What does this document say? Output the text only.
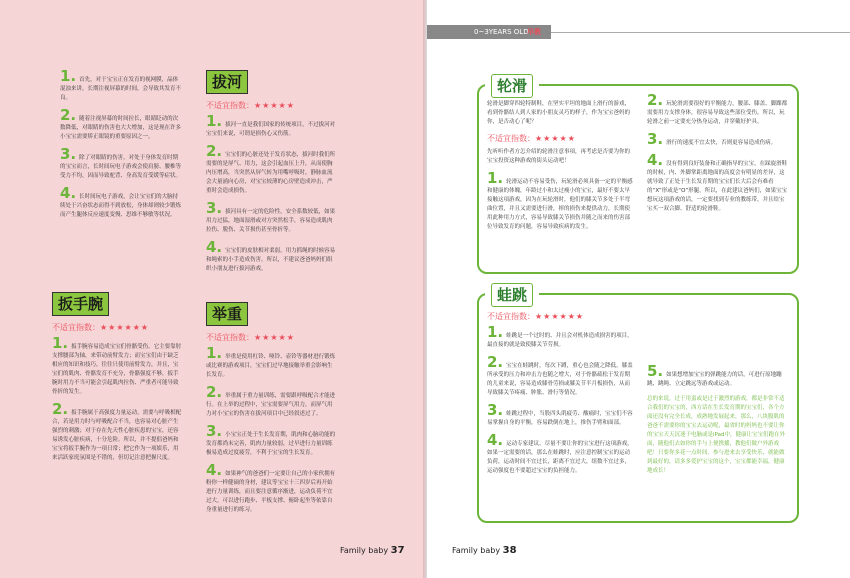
1. 首先，对于宝宝正在发育的视网膜，晶体混浊来讲，长期注视屏幕的时间，会导致其发育不良。
2. 随着注视屏幕的时间拉长，眼睛眨动的次数降低，对眼睛的伤害也大大增加，这是现在许多小宝宝需要矫正眼镜的重要原因之一。
3. 除了对眼睛的伤害，对处于身体发育时期的宝宝而言，长时间玩电子游戏会使肩膀、腰椎等受力不均，因而导致驼背、身高发育受缓等症状。
4. 长时间玩电子游戏，会让宝宝们的大脑持续处于兴奋状态而得不到放松，身体却则较少锻炼而产生腿体反应速度变慢、思维不够敏等状况。
扳手腕
不适宜指数：★★★★★★
1. 扳手腕容易造成宝宝们骨骼受伤。它主要靠肘支撑腰部为轴，来带动前臂发力；而宝宝们由于缺乏相应的知识和技巧，往往只使用前臂发力，并且，宝宝们的肌肉、骨骼发育不充分，骨骼强度不够，扳手腕时用力不当可能会引起肌肉拉伤、严重者可能导致骨折的发生。
2. 扳手腕属于高强度力量运动，需要与呼吸相配合，若是用力时与呼吸配合不当，也容易对心脏产生强烈的刺激；对于存在先天性心脏疾患的宝宝，还容易诱发心脏疾病，十分危险。所以，并不提倡爸妈和宝宝将扳手腕作为一项日常；把它作为一项娱乐，用来活跃家庭氛围是不错的，但切记注意把握尺度。
拔河
不适宜指数：★★★★★
1. 拔河一直是我们国家的传统项目，不过拔河对宝宝们来说，可谓是损伤心又伤筋。
2. 宝宝们的心脏还处于发育状态，拔河时我们所需要的是屏气、用力，这会引起血压上升，从而使胸内压增高，当突然从屏气转为用嘴呼吸时，静脉血流会大量涌向心房，对宝宝较薄的心房壁造成冲击，严重时会造成损伤。
3. 拔河具有一定的危险性，安全系数较低，如果用力过猛，地面湿滑或对方突然松手，容易造成肌肉拉伤、脱伤、关节损伤甚至骨折等。
4. 宝宝们的皮肤相对柔弱，用力抓绳的时候容易和绳索的小手造成伤害。所以，不建议爸爸妈妈们组织小朋友进行拔河游戏。
举重
不适宜指数：★★★★★
1. 举重是使用杠铃、哑铃、壶铃等器材进行锻炼或比赛的游戏项目，宝宝们过早地接触举重会影响生长发育。
2. 举重属于重力量训练，需要跟呼吸配合才能进行。在上举的过程中，宝宝需要屏气用力，而屏气用力对小宝宝的伤害在拔河项目中已经叙述过了。
3. 小宝宝正处于生长发育期，肌肉和心脑功能的发育都尚未完善，肌肉力量较弱，过早进行力量训练极易造成过度疲劳，不利于宝宝的生长发育。
4. 如果神气的爸爸们一定要让自己的小家伙拥有粉你一样健硕的身材，建议等宝宝十三四岁后再开始进行力量训练，而且要注意循序渐进，运动负荷不宜过大，可以进行跑步、平板支撑、俯卧起坐等依靠自身重量进行的练习。
Family baby 37
0~3YEARS OLD
早教
轮滑
轮滑是脚穿四轮特制鞋，在坚实平坦的地面上滑行的游戏，看到骨骼结人到人家的小朋友灵巧的样子，作为宝宝爸妈的你，是否动心了呢？
不适宜指数：★★★★★
先听听作者方怎介绍的轮滑注意事项，再考虑是否要为你的宝宝投资这种游戏的街头运动吧！
1. 轮滑运动不容易受伤，玩轮滑必须具备一定的平衡感和健康的体魄，年龄过小和太过瘦小的宝宝，最好不要太早接触这项游戏，因为在玩轮滑时，他们的膝关节多处于半弯曲位置，并且又需要进行滑，摔的损伤来提供动力，长期使用此种用力方式，容易导致膝关节损伤并随之而来的伤害部位导致发育的问题，容易导致疾病的发生。
2. 玩轮滑需要很好的平衡能力，腰部、膝盖、脚踝都需要用力支撑身体，很容易导致这些部位受伤。所以，玩轮滑之前一定要充分热身运动，并穿戴好护具。
3. 滑行的速度不宜太快，否则更容易造成伤病。
4. 没有得到良好装备和正确指导的宝宝，在踩旋滑鞋的时候，内、外脚掌距离地面的高度会有明显的差异，这就导致了正处于生长发育期的宝宝们长大后会有难看的“X”形或是“O”形腿。所以，在此建议爸妈们，如果宝宝想玩这项游戏的话，一定要找到专业的教练带，并且给宝宝买一双合脚、舒适的轮滑鞋。
蛙跳
不适宜指数：★★★★★★
1. 蛙跳是一个过时的、并且会对机体造成损害的项目，最直接的就是致使膝关节劳损。
2. 宝宝在蛙跳时，每次下蹲，重心也会随之降低，膝盖所承受的压力和冲击力也随之增大，对于骨骼疏松于发育期的儿童来说，容易造成膝骨劳损或膝关节半月板损伤，从而导致膝关节疼痛、肿胀、滑行等情况。
3. 蛙跳过程中，当股四头肌疲劳、酸痛时，宝宝们不容易掌握自身的平衡，容易跌倒在地上，推伤手臂和面部。
4. 运动专家建议，尽量不要让你的宝宝进行这项游戏，如果一定需要的话，那么在蛙跳时，应注意控制宝宝的运动负荷，运动时间不宜过长，距离不宜过大，组数不宜过多，运动强度也不要超过宝宝的负担能力。
5. 如果想增加宝宝的弹跳能力的话，可进行原地蹦跳、跳绳、立定跳远等游戏或运动。
总的来说，过于用蛮或是过于激烈的游戏，都是非常不适合我们的宝宝的，西方话在生长发育期的宝宝们，各个方面还没有完全长成，成熟地发展起来，那么，八块腹肌的爸爸不需要你的宝宝去运动呢，最省时的妈妈也不要让你的宝宝天天沉迷于电脑或是iPad中，健康让宝宝们跑在外面，随他们去如你的手与上便携播，教他们做户外游戏吧！只要你多花一点时间、参与进来去享受快乐，就能做到最好的，请多多爱护宝宝的这个，宝宝都能幸福，健康地成长！
Family baby 38
